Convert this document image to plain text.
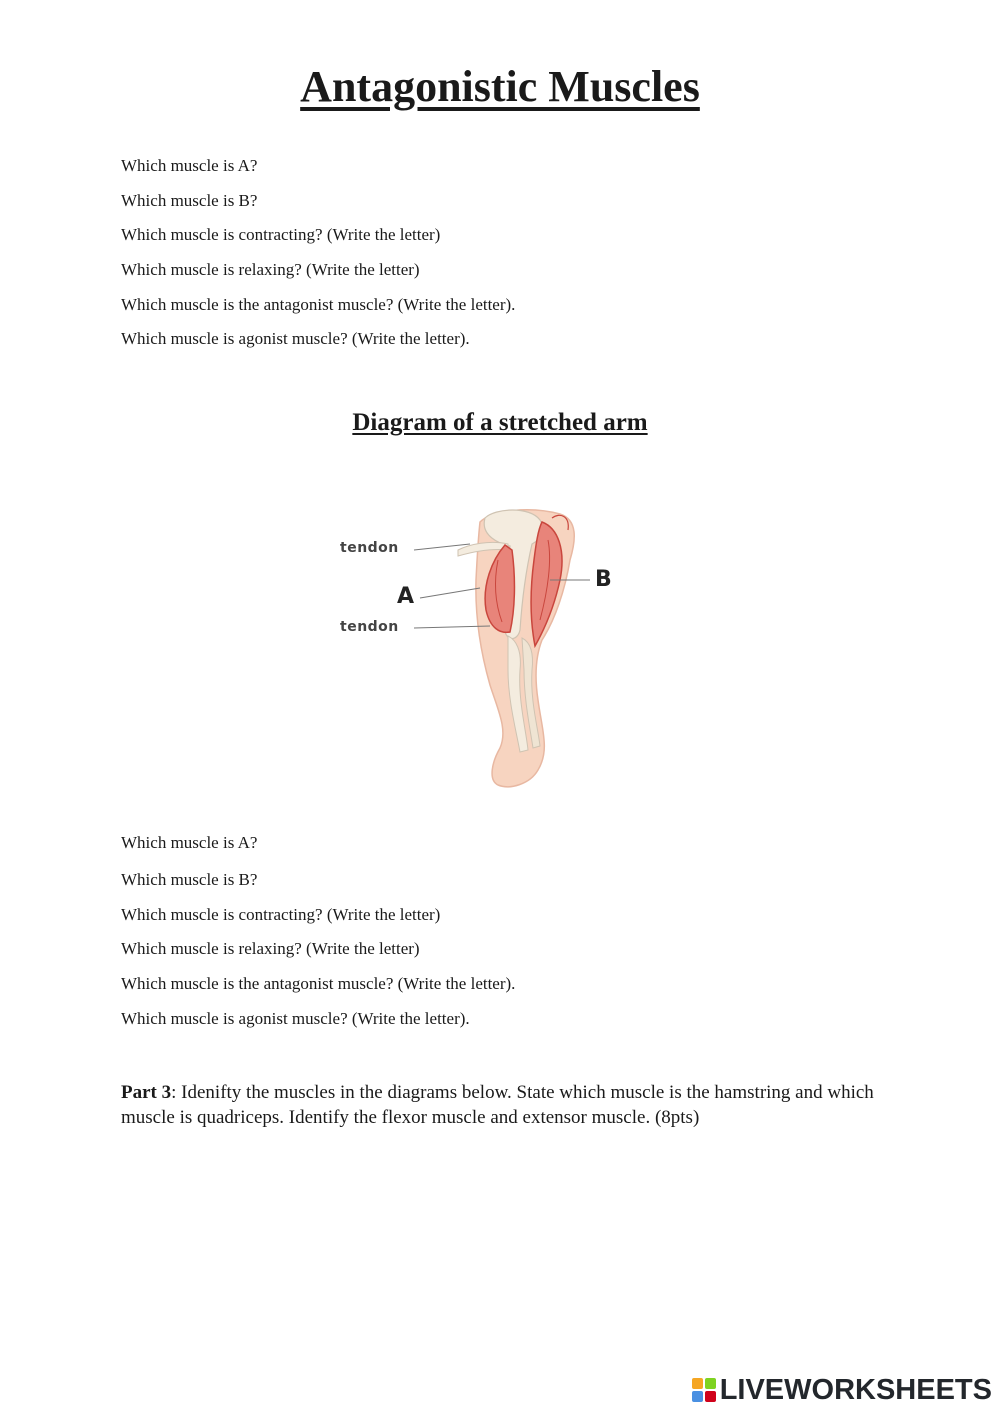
Antagonistic Muscles
Which muscle is A?
Which muscle is B?
Which muscle is contracting? (Write the letter)
Which muscle is relaxing? (Write the letter)
Which muscle is the antagonist muscle? (Write the letter).
Which muscle is agonist muscle? (Write the letter).
Diagram of a stretched arm
tendon
A
tendon
B
Which muscle is A?
Which muscle is B?
Which muscle is contracting? (Write the letter)
Which muscle is relaxing? (Write the letter)
Which muscle is the antagonist muscle? (Write the letter).
Which muscle is agonist muscle? (Write the letter).

Part 3: Idenifty the muscles in the diagrams below. State which muscle is the hamstring and which muscle is quadriceps. Identify the flexor muscle and extensor muscle. (8pts)

LIVEWORKSHEETS
